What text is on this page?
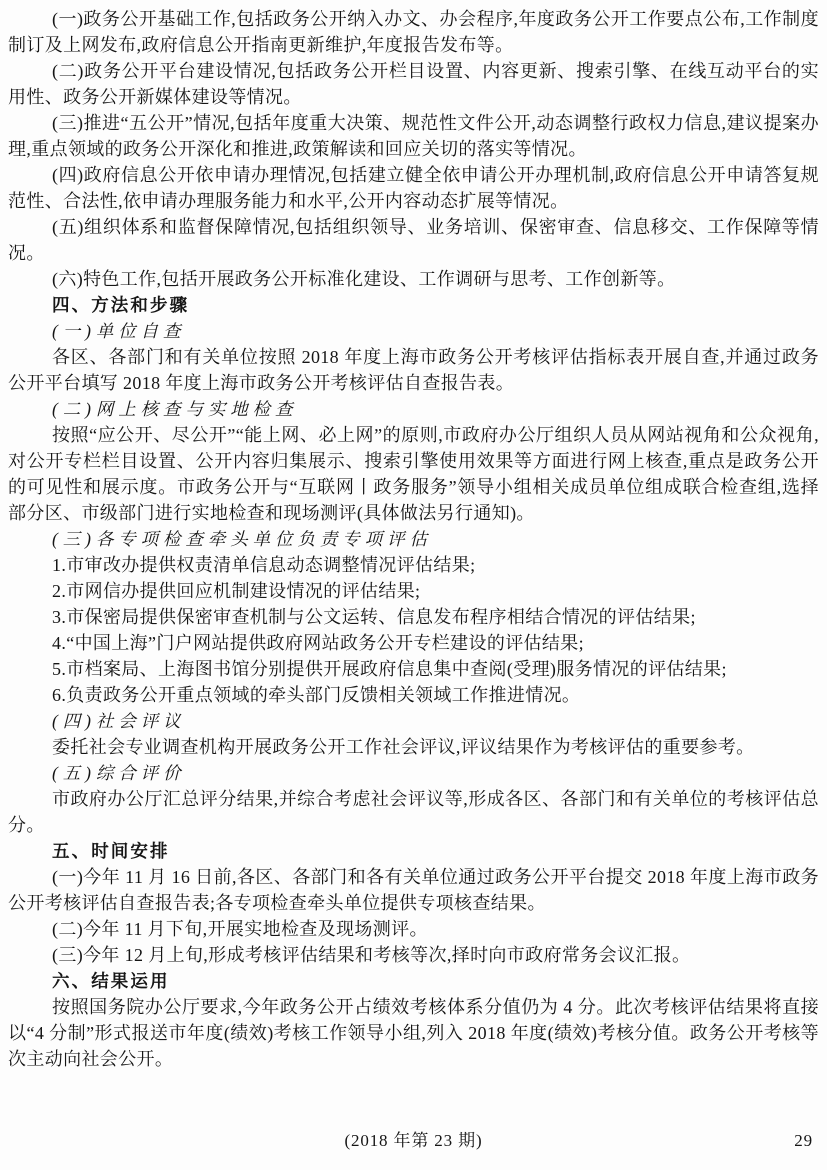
(一)政务公开基础工作,包括政务公开纳入办文、办会程序,年度政务公开工作要点公布,工作制度制订及上网发布,政府信息公开指南更新维护,年度报告发布等。

(二)政务公开平台建设情况,包括政务公开栏目设置、内容更新、搜索引擎、在线互动平台的实用性、政务公开新媒体建设等情况。

(三)推进“五公开”情况,包括年度重大决策、规范性文件公开,动态调整行政权力信息,建议提案办理,重点领域的政务公开深化和推进,政策解读和回应关切的落实等情况。

(四)政府信息公开依申请办理情况,包括建立健全依申请公开办理机制,政府信息公开申请答复规范性、合法性,依申请办理服务能力和水平,公开内容动态扩展等情况。

(五)组织体系和监督保障情况,包括组织领导、业务培训、保密审查、信息移交、工作保障等情况。

(六)特色工作,包括开展政务公开标准化建设、工作调研与思考、工作创新等。

四、方法和步骤

(一)单位自查

各区、各部门和有关单位按照 2018 年度上海市政务公开考核评估指标表开展自查,并通过政务公开平台填写 2018 年度上海市政务公开考核评估自查报告表。

(二)网上核查与实地检查

按照“应公开、尽公开”“能上网、必上网”的原则,市政府办公厅组织人员从网站视角和公众视角,对公开专栏栏目设置、公开内容归集展示、搜索引擎使用效果等方面进行网上核查,重点是政务公开的可见性和展示度。市政务公开与“互联网丨政务服务”领导小组相关成员单位组成联合检查组,选择部分区、市级部门进行实地检查和现场测评(具体做法另行通知)。

(三)各专项检查牵头单位负责专项评估

1.市审改办提供权责清单信息动态调整情况评估结果;

2.市网信办提供回应机制建设情况的评估结果;

3.市保密局提供保密审查机制与公文运转、信息发布程序相结合情况的评估结果;

4.“中国上海”门户网站提供政府网站政务公开专栏建设的评估结果;

5.市档案局、上海图书馆分别提供开展政府信息集中查阅(受理)服务情况的评估结果;

6.负责政务公开重点领域的牵头部门反馈相关领域工作推进情况。

(四)社会评议

委托社会专业调查机构开展政务公开工作社会评议,评议结果作为考核评估的重要参考。

(五)综合评价

市政府办公厅汇总评分结果,并综合考虑社会评议等,形成各区、各部门和有关单位的考核评估总分。

五、时间安排

(一)今年 11 月 16 日前,各区、各部门和各有关单位通过政务公开平台提交 2018 年度上海市政务公开考核评估自查报告表;各专项检查牵头单位提供专项核查结果。

(二)今年 11 月下旬,开展实地检查及现场测评。

(三)今年 12 月上旬,形成考核评估结果和考核等次,择时向市政府常务会议汇报。

六、结果运用

按照国务院办公厅要求,今年政务公开占绩效考核体系分值仍为 4 分。此次考核评估结果将直接以“4 分制”形式报送市年度(绩效)考核工作领导小组,列入 2018 年度(绩效)考核分值。政务公开考核等次主动向社会公开。

(2018 年第 23 期)	29
